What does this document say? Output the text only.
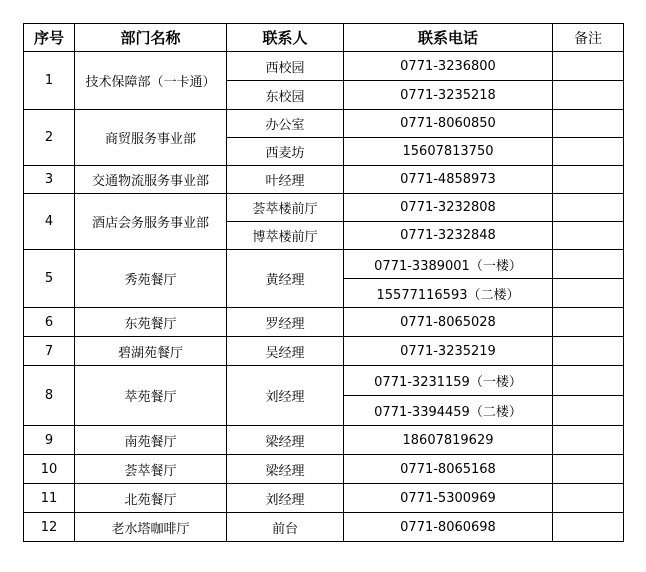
序号	部门名称	联系人	联系电话	备注
1	技术保障部（一卡通）	西校园	0771-3236800	
		东校园	0771-3235218	
2	商贸服务事业部	办公室	0771-8060850	
		西麦坊	15607813750	
3	交通物流服务事业部	叶经理	0771-4858973	
4	酒店会务服务事业部	荟萃楼前厅	0771-3232808	
		博萃楼前厅	0771-3232848	
5	秀苑餐厅	黄经理	0771-3389001（一楼）	
			15577116593（二楼）	
6	东苑餐厅	罗经理	0771-8065028	
7	碧湖苑餐厅	吴经理	0771-3235219	
8	萃苑餐厅	刘经理	0771-3231159（一楼）	
			0771-3394459（二楼）	
9	南苑餐厅	梁经理	18607819629	
10	荟萃餐厅	梁经理	0771-8065168	
11	北苑餐厅	刘经理	0771-5300969	
12	老水塔咖啡厅	前台	0771-8060698	
